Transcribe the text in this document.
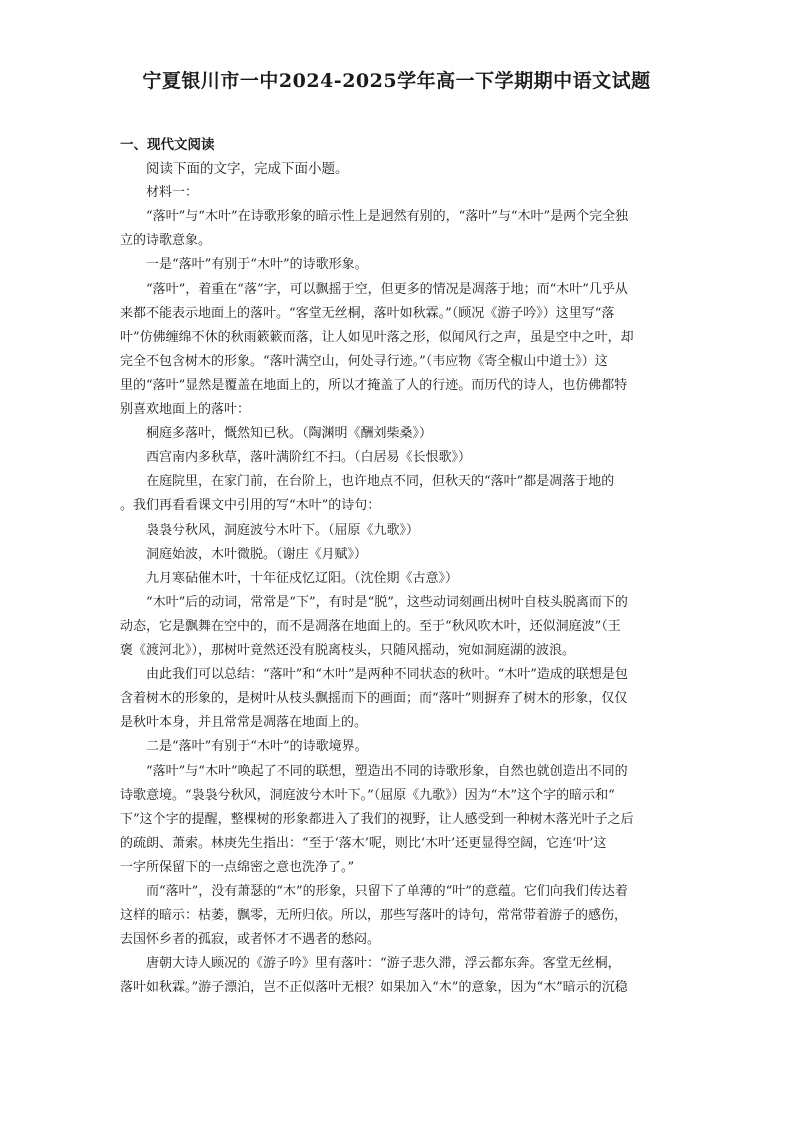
宁夏银川市一中2024-2025学年高一下学期期中语文试题
一、现代文阅读
阅读下面的文字，完成下面小题。
材料一：
“落叶”与“木叶”在诗歌形象的暗示性上是迥然有别的，“落叶”与“木叶”是两个完全独
立的诗歌意象。
一是“落叶”有别于“木叶”的诗歌形象。
“落叶”，着重在“落”字，可以飘摇于空，但更多的情况是凋落于地；而“木叶”几乎从
来都不能表示地面上的落叶。“客堂无丝桐，落叶如秋霖。”（顾况《游子吟》）这里写“落
叶”仿佛缠绵不休的秋雨簌簌而落，让人如见叶落之形，似闻风行之声，虽是空中之叶，却
完全不包含树木的形象。“落叶满空山，何处寻行迹。”（韦应物《寄全椒山中道士》）这
里的“落叶”显然是覆盖在地面上的，所以才掩盖了人的行迹。而历代的诗人，也仿佛都特
别喜欢地面上的落叶：
桐庭多落叶，慨然知已秋。（陶渊明《酬刘柴桑》）
西宫南内多秋草，落叶满阶红不扫。（白居易《长恨歌》）
在庭院里，在家门前，在台阶上，也许地点不同，但秋天的“落叶”都是凋落于地的
。我们再看看课文中引用的写“木叶”的诗句：
袅袅兮秋风，洞庭波兮木叶下。（屈原《九歌》）
洞庭始波，木叶微脱。（谢庄《月赋》）
九月寒砧催木叶，十年征戍忆辽阳。（沈佺期《古意》）
“木叶”后的动词，常常是“下”，有时是“脱”，这些动词刻画出树叶自枝头脱离而下的
动态，它是飘舞在空中的，而不是凋落在地面上的。至于“秋风吹木叶，还似洞庭波”（王
褒《渡河北》），那树叶竟然还没有脱离枝头，只随风摇动，宛如洞庭湖的波浪。
由此我们可以总结：“落叶”和“木叶”是两种不同状态的秋叶。“木叶”造成的联想是包
含着树木的形象的，是树叶从枝头飘摇而下的画面；而“落叶”则摒弃了树木的形象，仅仅
是秋叶本身，并且常常是凋落在地面上的。
二是“落叶”有别于“木叶”的诗歌境界。
“落叶”与“木叶”唤起了不同的联想，塑造出不同的诗歌形象，自然也就创造出不同的
诗歌意境。“袅袅兮秋风，洞庭波兮木叶下。”（屈原《九歌》）因为“木”这个字的暗示和“
下”这个字的提醒，整棵树的形象都进入了我们的视野，让人感受到一种树木落光叶子之后
的疏朗、萧索。林庚先生指出：“至于‘落木’呢，则比‘木叶’还更显得空阔，它连‘叶’这
一字所保留下的一点绵密之意也洗净了。”
而“落叶”，没有萧瑟的“木”的形象，只留下了单薄的“叶”的意蕴。它们向我们传达着
这样的暗示：枯萎，飘零，无所归依。所以，那些写落叶的诗句，常常带着游子的感伤，
去国怀乡者的孤寂，或者怀才不遇者的愁闷。
唐朝大诗人顾况的《游子吟》里有落叶：“游子悲久滞，浮云都东奔。客堂无丝桐，
落叶如秋霖。”游子漂泊，岂不正似落叶无根？如果加入“木”的意象，因为“木”暗示的沉稳
